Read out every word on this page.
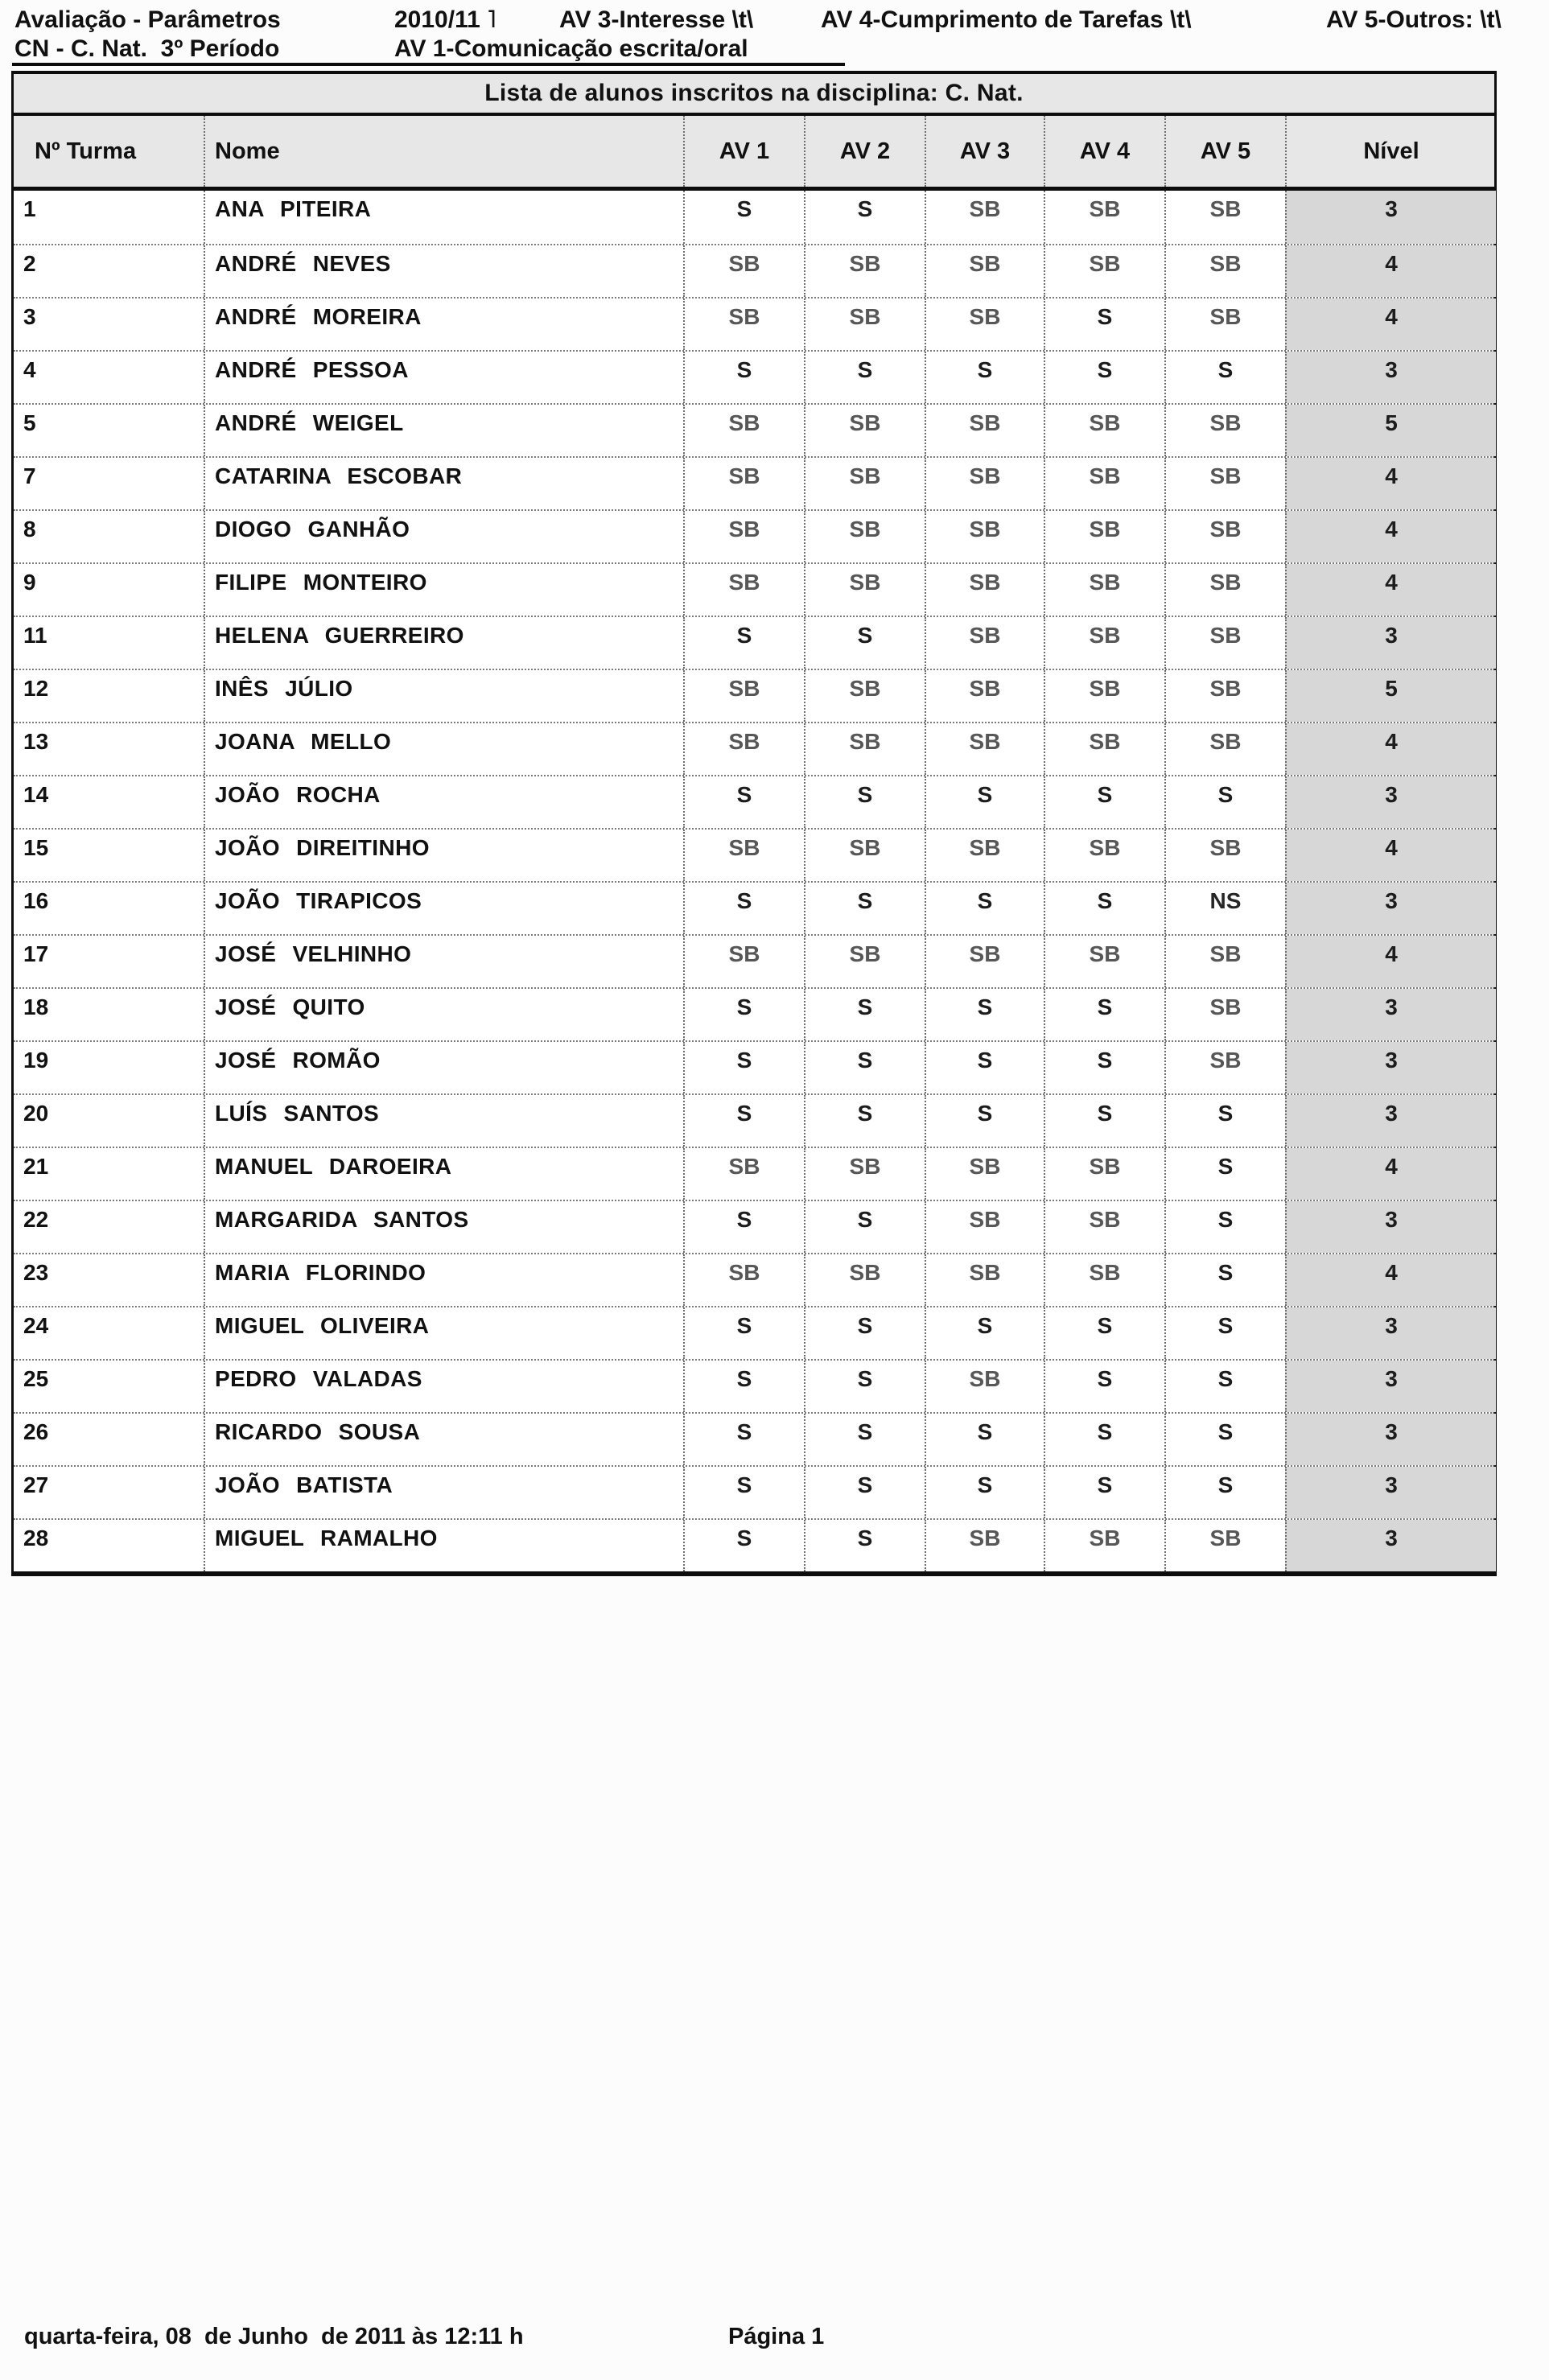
Avaliação - Parâmetros	2010/11 ˥	AV 3-Interesse \t\	AV 4-Cumprimento de Tarefas \t\	AV 5-Outros: \t\
CN - C. Nat.  3º Período	AV 1-Comunicação escrita/oral
Lista de alunos inscritos na disciplina: C. Nat.
Nº Turma	Nome	AV 1	AV 2	AV 3	AV 4	AV 5	Nível
1	ANA PITEIRA	S	S	SB	SB	SB	3
2	ANDRÉ NEVES	SB	SB	SB	SB	SB	4
3	ANDRÉ MOREIRA	SB	SB	SB	S	SB	4
4	ANDRÉ PESSOA	S	S	S	S	S	3
5	ANDRÉ WEIGEL	SB	SB	SB	SB	SB	5
7	CATARINA ESCOBAR	SB	SB	SB	SB	SB	4
8	DIOGO GANHÃO	SB	SB	SB	SB	SB	4
9	FILIPE MONTEIRO	SB	SB	SB	SB	SB	4
11	HELENA GUERREIRO	S	S	SB	SB	SB	3
12	INÊS JÚLIO	SB	SB	SB	SB	SB	5
13	JOANA MELLO	SB	SB	SB	SB	SB	4
14	JOÃO ROCHA	S	S	S	S	S	3
15	JOÃO DIREITINHO	SB	SB	SB	SB	SB	4
16	JOÃO TIRAPICOS	S	S	S	S	NS	3
17	JOSÉ VELHINHO	SB	SB	SB	SB	SB	4
18	JOSÉ QUITO	S	S	S	S	SB	3
19	JOSÉ ROMÃO	S	S	S	S	SB	3
20	LUÍS SANTOS	S	S	S	S	S	3
21	MANUEL DAROEIRA	SB	SB	SB	SB	S	4
22	MARGARIDA SANTOS	S	S	SB	SB	S	3
23	MARIA FLORINDO	SB	SB	SB	SB	S	4
24	MIGUEL OLIVEIRA	S	S	S	S	S	3
25	PEDRO VALADAS	S	S	SB	S	S	3
26	RICARDO SOUSA	S	S	S	S	S	3
27	JOÃO BATISTA	S	S	S	S	S	3
28	MIGUEL RAMALHO	S	S	SB	SB	SB	3
quarta-feira, 08  de Junho  de 2011 às 12:11 h	Página 1
